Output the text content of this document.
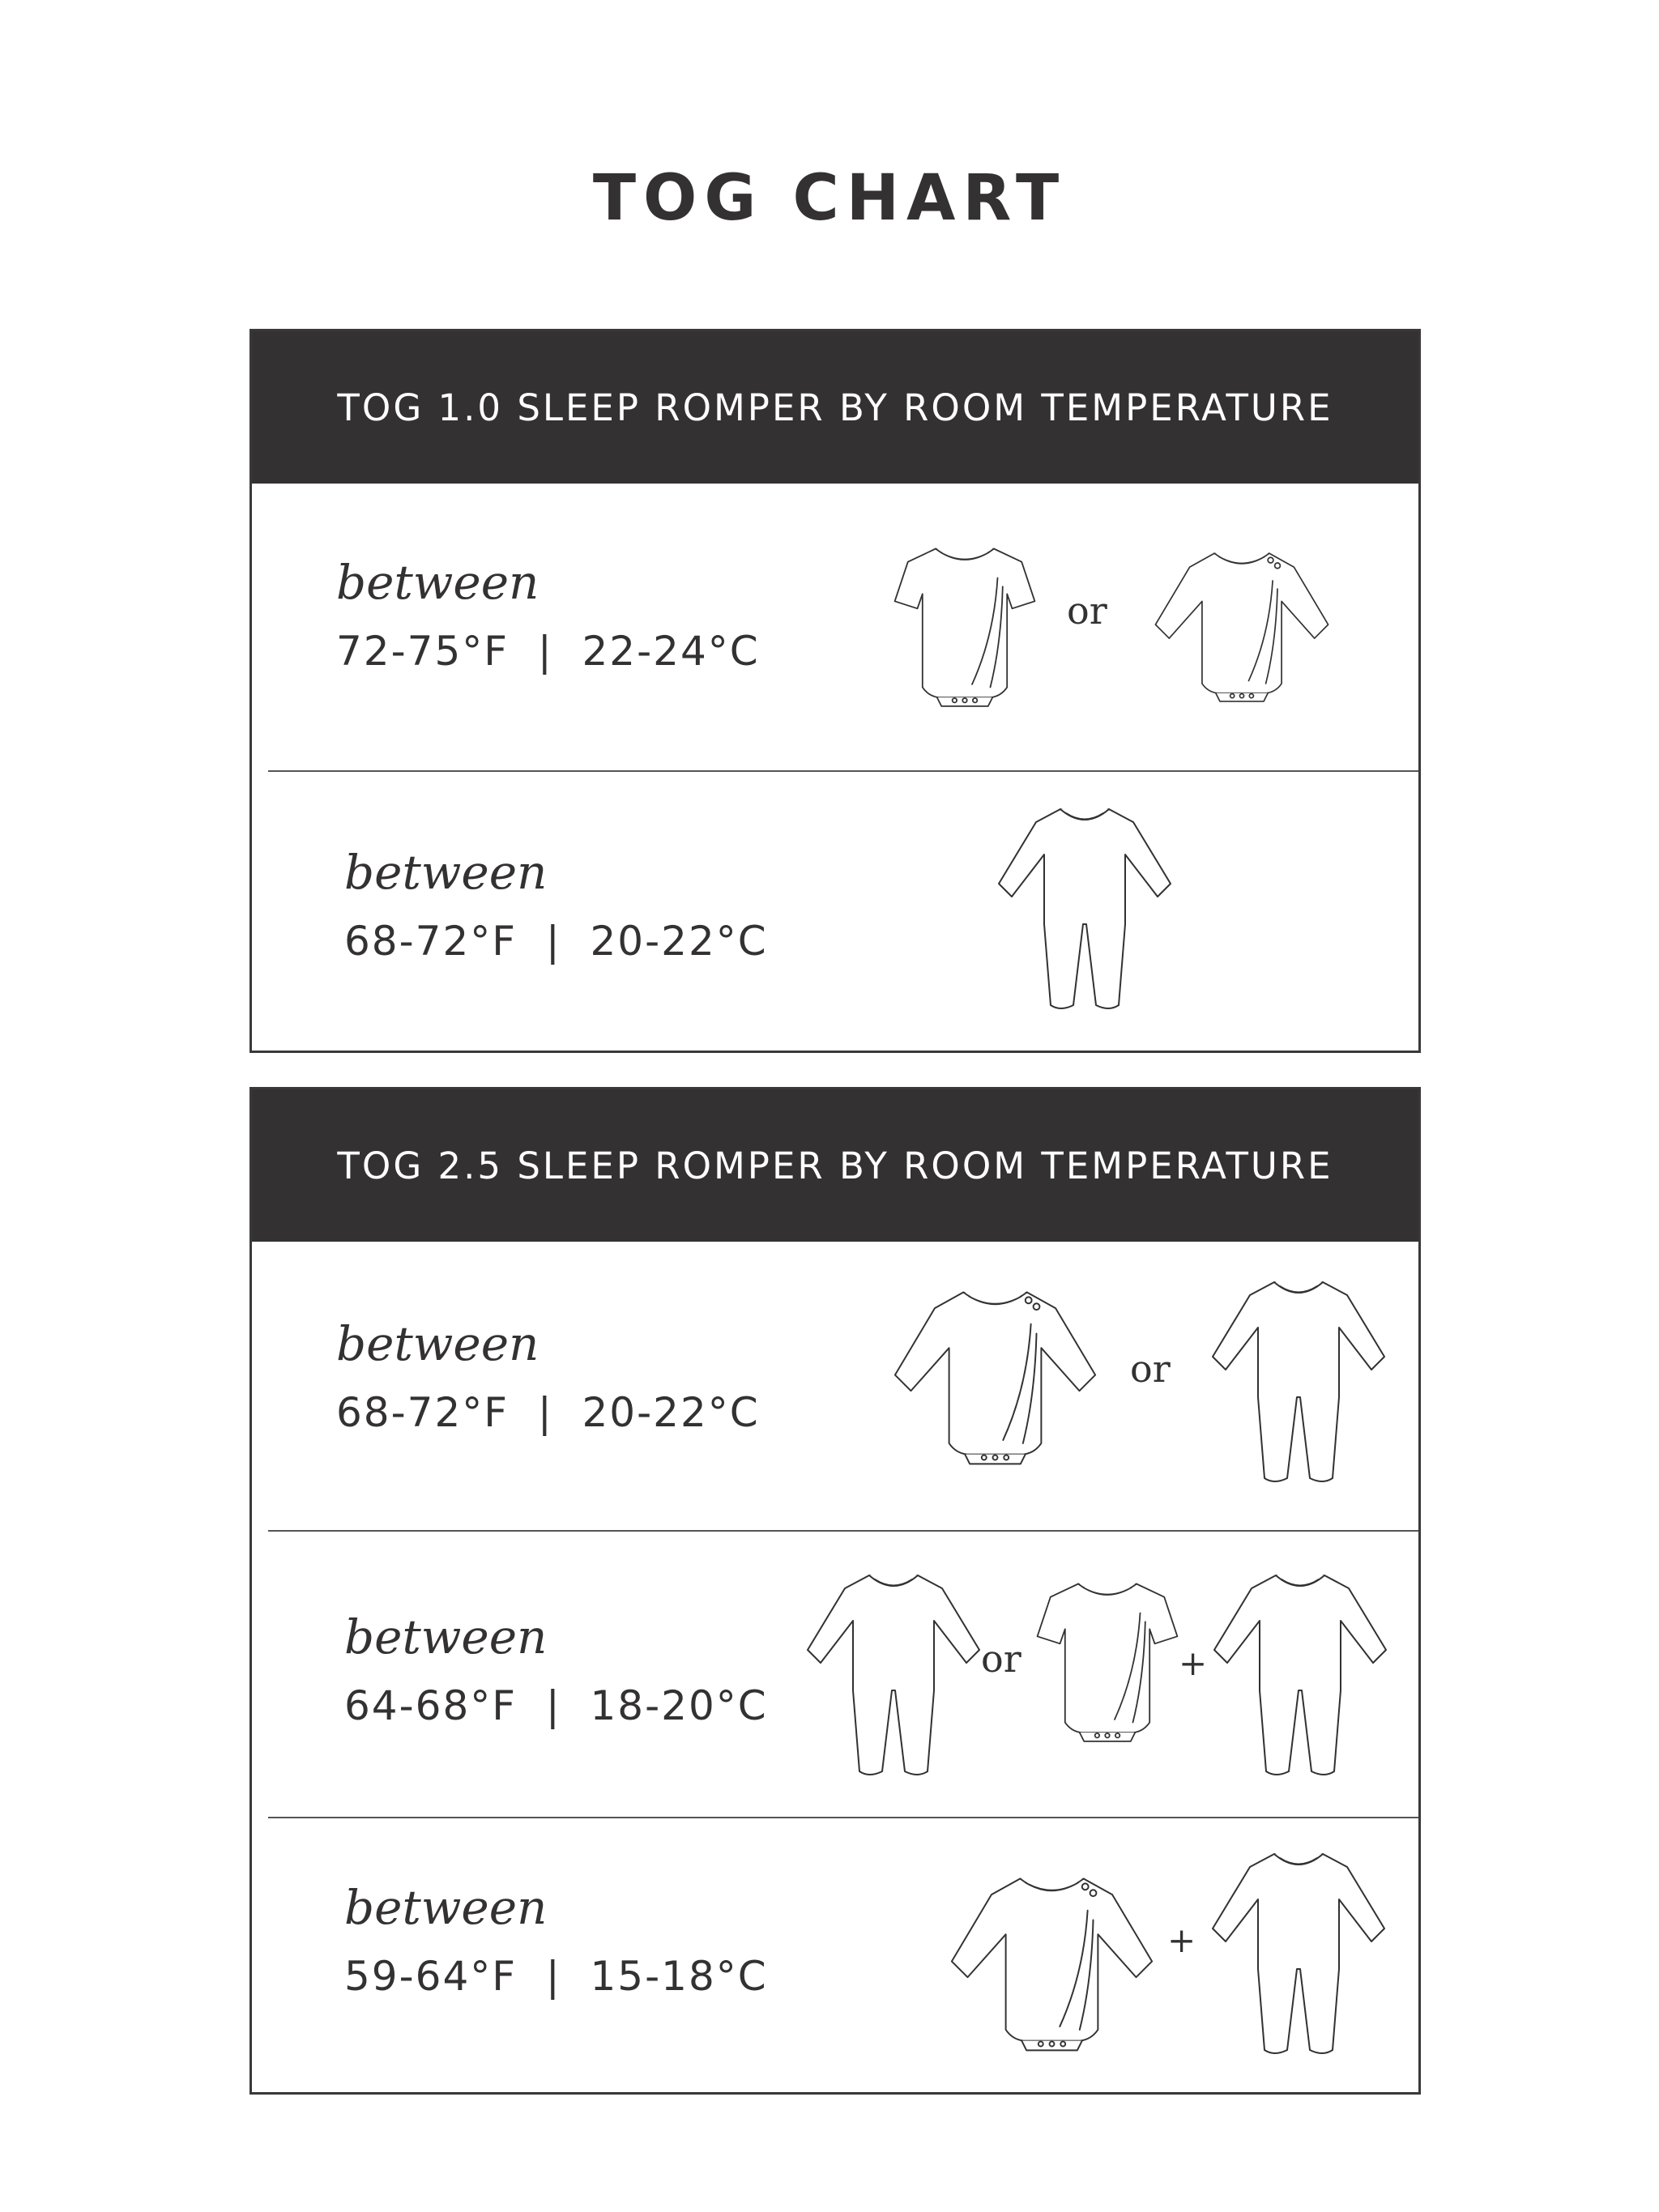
TOG CHART
TOG 1.0 SLEEP ROMPER BY ROOM TEMPERATURE
between
72-75°F  |  22-24°C
or
between
68-72°F  |  20-22°C
TOG 2.5 SLEEP ROMPER BY ROOM TEMPERATURE
between
68-72°F  |  20-22°C
or
between
64-68°F  |  18-20°C
or	+
between
59-64°F  |  15-18°C
+
